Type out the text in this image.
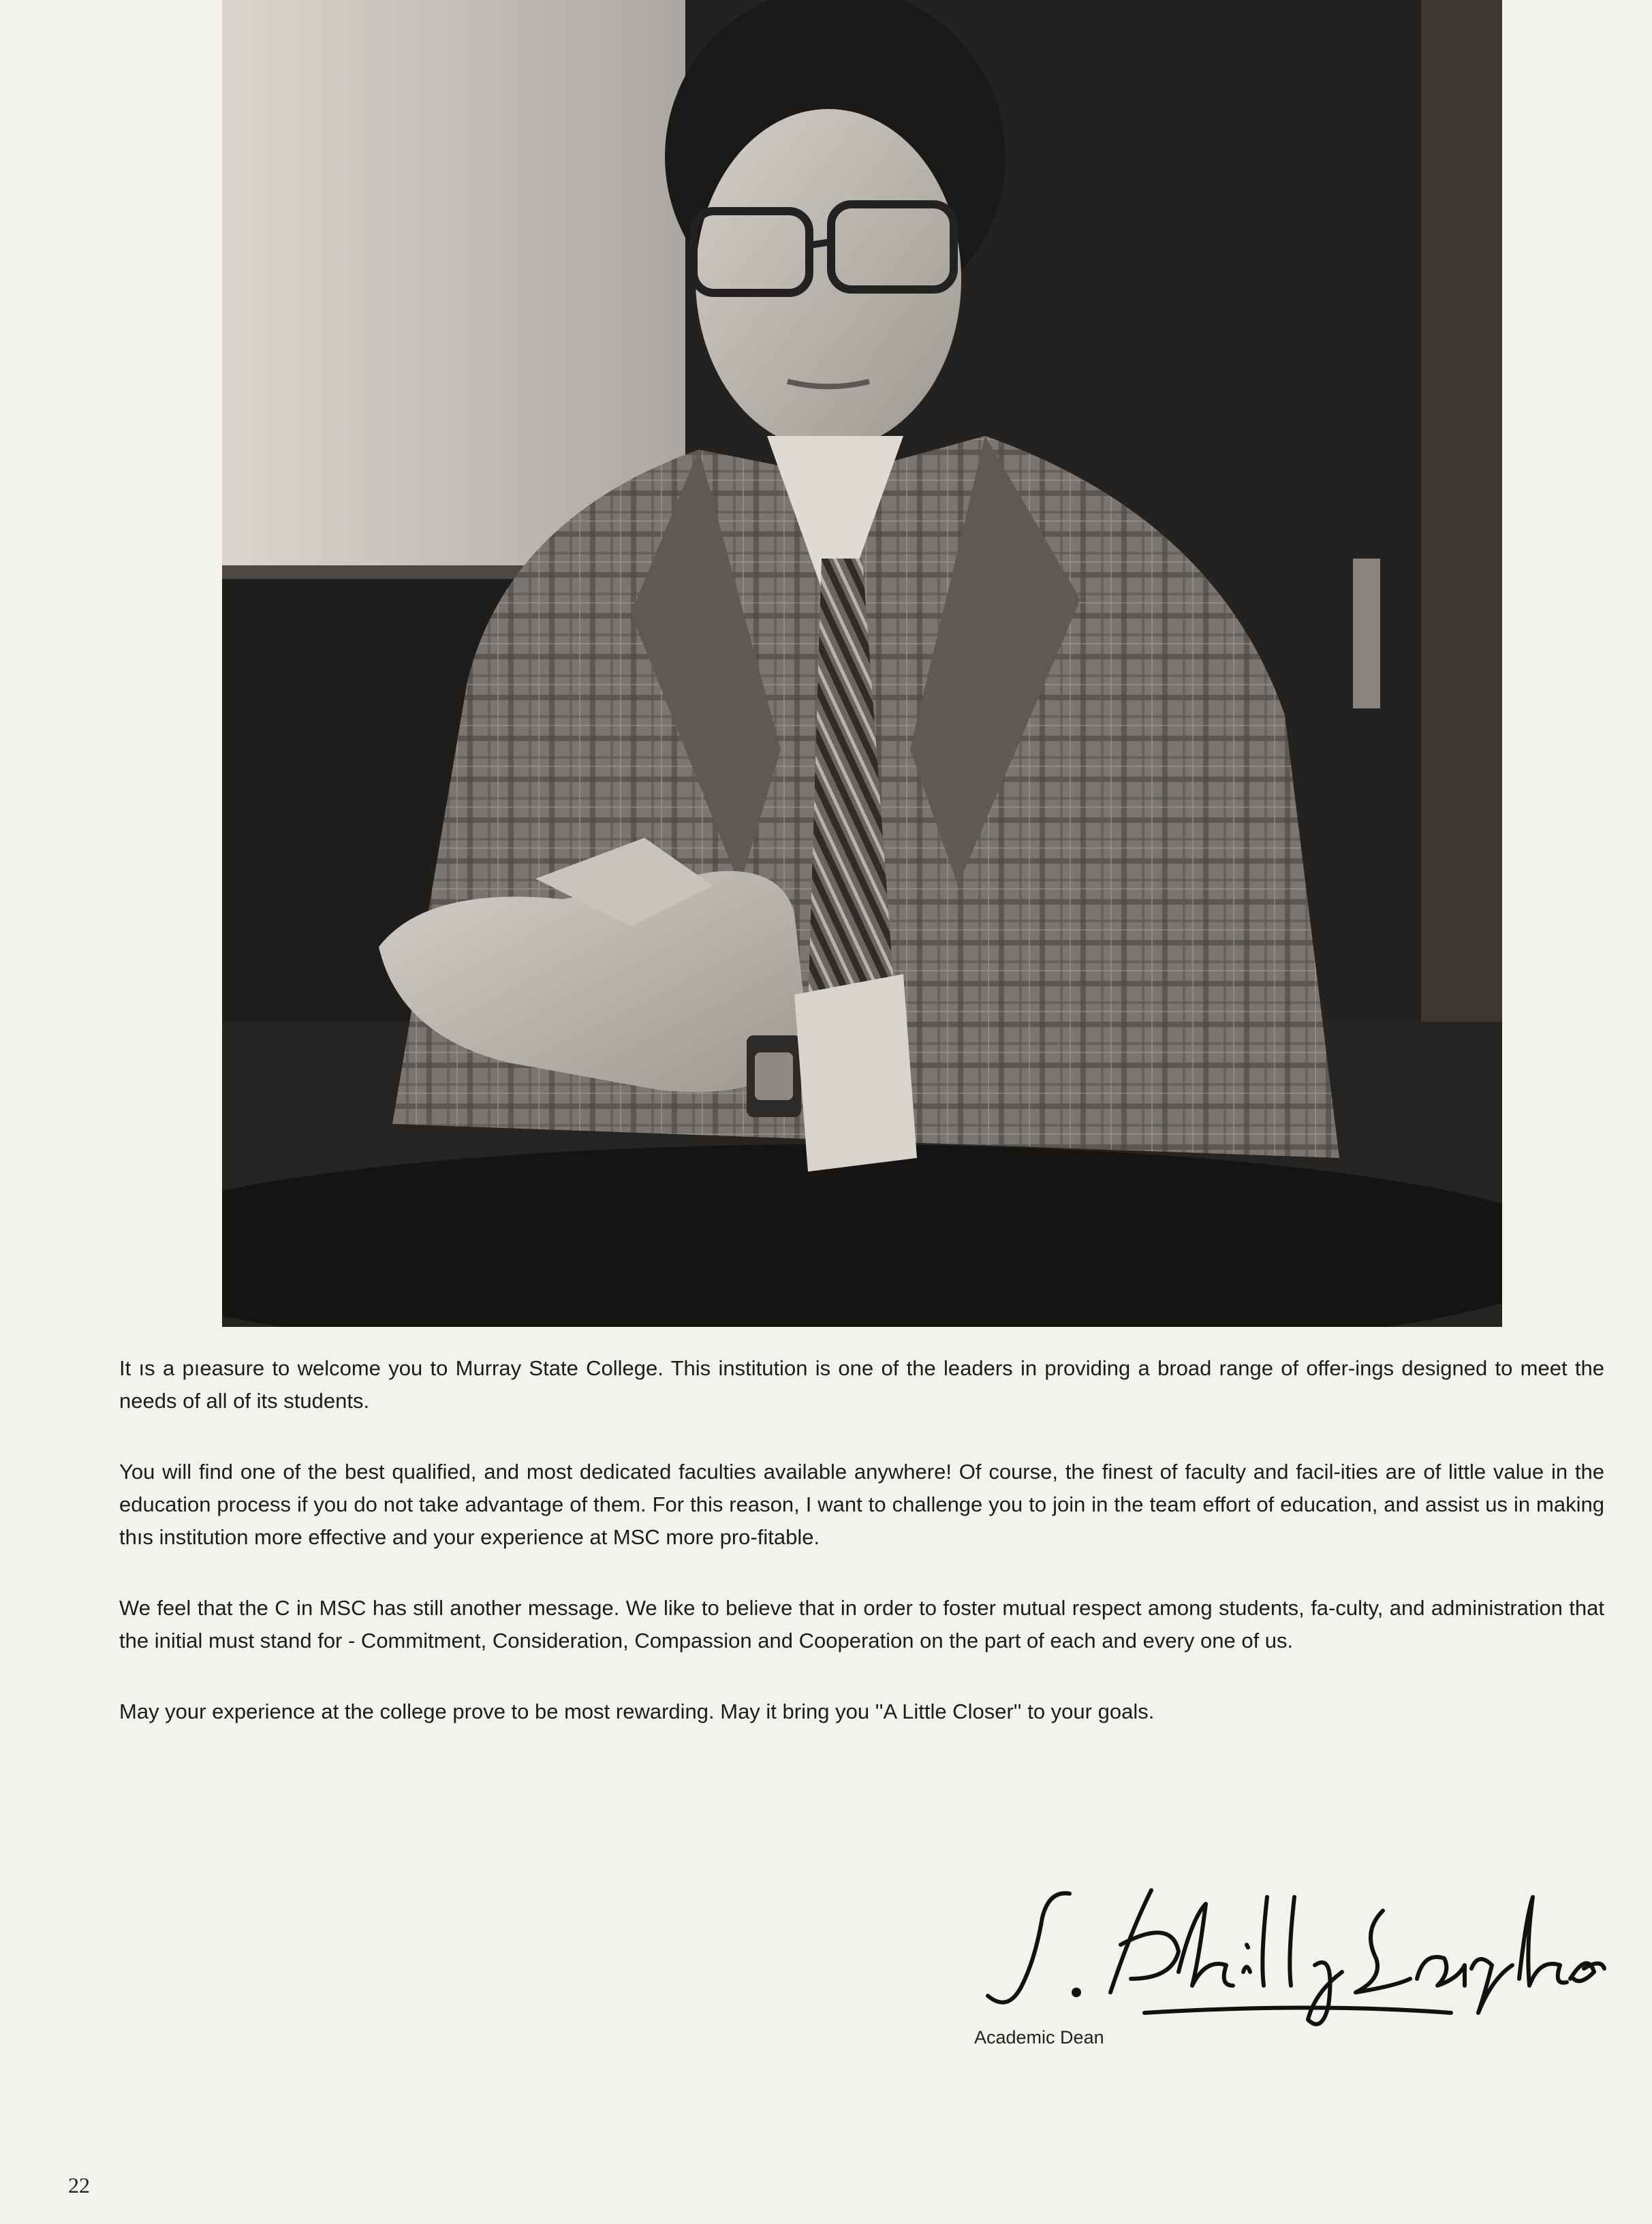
It ıs a pıeasure to welcome you to Murray State College. This institution is one of the leaders in providing a broad range of offer-ings designed to meet the needs of all of its students.

You will find one of the best qualified, and most dedicated faculties available anywhere! Of course, the finest of faculty and facil-ities are of little value in the education process if you do not take advantage of them. For this reason, I want to challenge you to join in the team effort of education, and assist us in making thıs institution more effective and your experience at MSC more pro-fitable.

We feel that the C in MSC has still another message. We like to believe that in order to foster mutual respect among students, fa-culty, and administration that the initial must stand for - Commitment, Consideration, Compassion and Cooperation on the part of each and every one of us.

May your experience at the college prove to be most rewarding. May it bring you ''A Little Closer'' to your goals.

Academic Dean
22
